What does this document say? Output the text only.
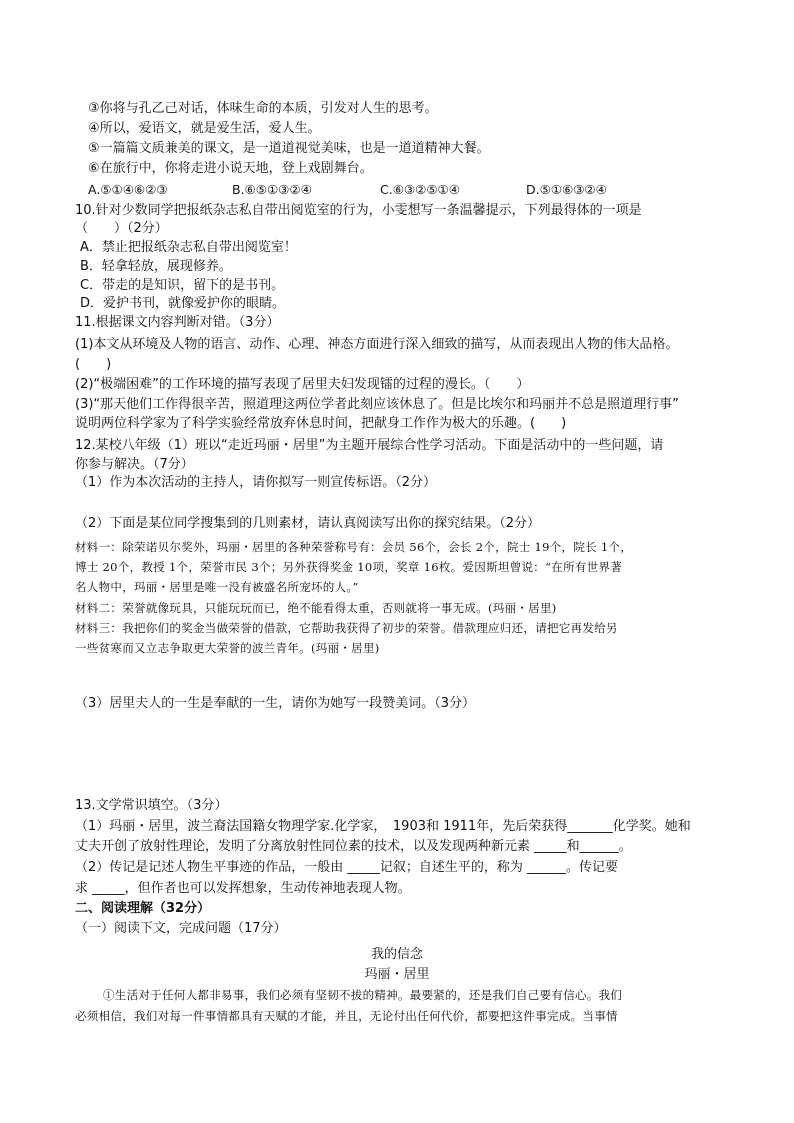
③你将与孔乙己对话，体味生命的本质，引发对人生的思考。
④所以，爱语文，就是爱生活，爱人生。
⑤一篇篇文质兼美的课文，是一道道视觉美味，也是一道道精神大餐。
⑥在旅行中，你将走进小说天地，登上戏剧舞台。
A.⑤①④⑥②③	B.⑥⑤①③②④	C.⑥③②⑤①④	D.⑤①⑥③②④
10.针对少数同学把报纸杂志私自带出阅览室的行为，小雯想写一条温馨提示，下列最得体的一项是
（　　）（2分）
A．禁止把报纸杂志私自带出阅览室！
B．轻拿轻放，展现修养。
C．带走的是知识，留下的是书刊。
D．爱护书刊，就像爱护你的眼睛。
11.根据课文内容判断对错。（3分）
(1)本文从环境及人物的语言、动作、心理、神态方面进行深入细致的描写，从而表现出人物的伟大品格。
(　　)
(2)“极端困难”的工作环境的描写表现了居里夫妇发现镭的过程的漫长。（　　）
(3)“那天他们工作得很辛苦，照道理这两位学者此刻应该休息了。但是比埃尔和玛丽并不总是照道理行事”
说明两位科学家为了科学实验经常放弃休息时间，把献身工作作为极大的乐趣。(　　)
12.某校八年级（1）班以“走近玛丽・居里”为主题开展综合性学习活动。下面是活动中的一些问题，请
你参与解决。（7分）
（1）作为本次活动的主持人，请你拟写一则宣传标语。（2分）
（2）下面是某位同学搜集到的几则素材，请认真阅读写出你的探究结果。（2分）
材料一：除荣诺贝尔奖外，玛丽・居里的各种荣誉称号有：会员 56个，会长 2个，院士 19个，院长 1个，
博士 20个，教授 1个，荣誉市民 3个；另外获得奖金 10项，奖章 16枚。爱因斯坦曾说：“在所有世界著
名人物中，玛丽・居里是唯一没有被盛名所宠坏的人。”
材料二：荣誉就像玩具，只能玩玩而已，绝不能看得太重，否则就将一事无成。(玛丽・居里)
材料三：我把你们的奖金当做荣誉的借款，它帮助我获得了初步的荣誉。借款理应归还，请把它再发给另
一些贫寒而又立志争取更大荣誉的波兰青年。(玛丽・居里)
（3）居里夫人的一生是奉献的一生，请你为她写一段赞美词。（3分）
13.文学常识填空。（3分）
（1）玛丽・居里，波兰裔法国籍女物理学家.化学家，　1903和 1911年，先后荣获得_______化学奖。她和
丈夫开创了放射性理论，发明了分离放射性同位素的技术，以及发现两种新元素 _____和______。
（2）传记是记述人物生平事迹的作品，一般由 _____记叙；自述生平的，称为 ______。传记要
求 _____，但作者也可以发挥想象，生动传神地表现人物。
二、阅读理解（32分）
（一）阅读下文，完成问题（17分）
我的信念
玛丽・居里
①生活对于任何人都非易事，我们必须有坚韧不拔的精神。最要紧的，还是我们自己要有信心。我们
必须相信，我们对每一件事情都具有天赋的才能，并且，无论付出任何代价，都要把这件事完成。当事情
